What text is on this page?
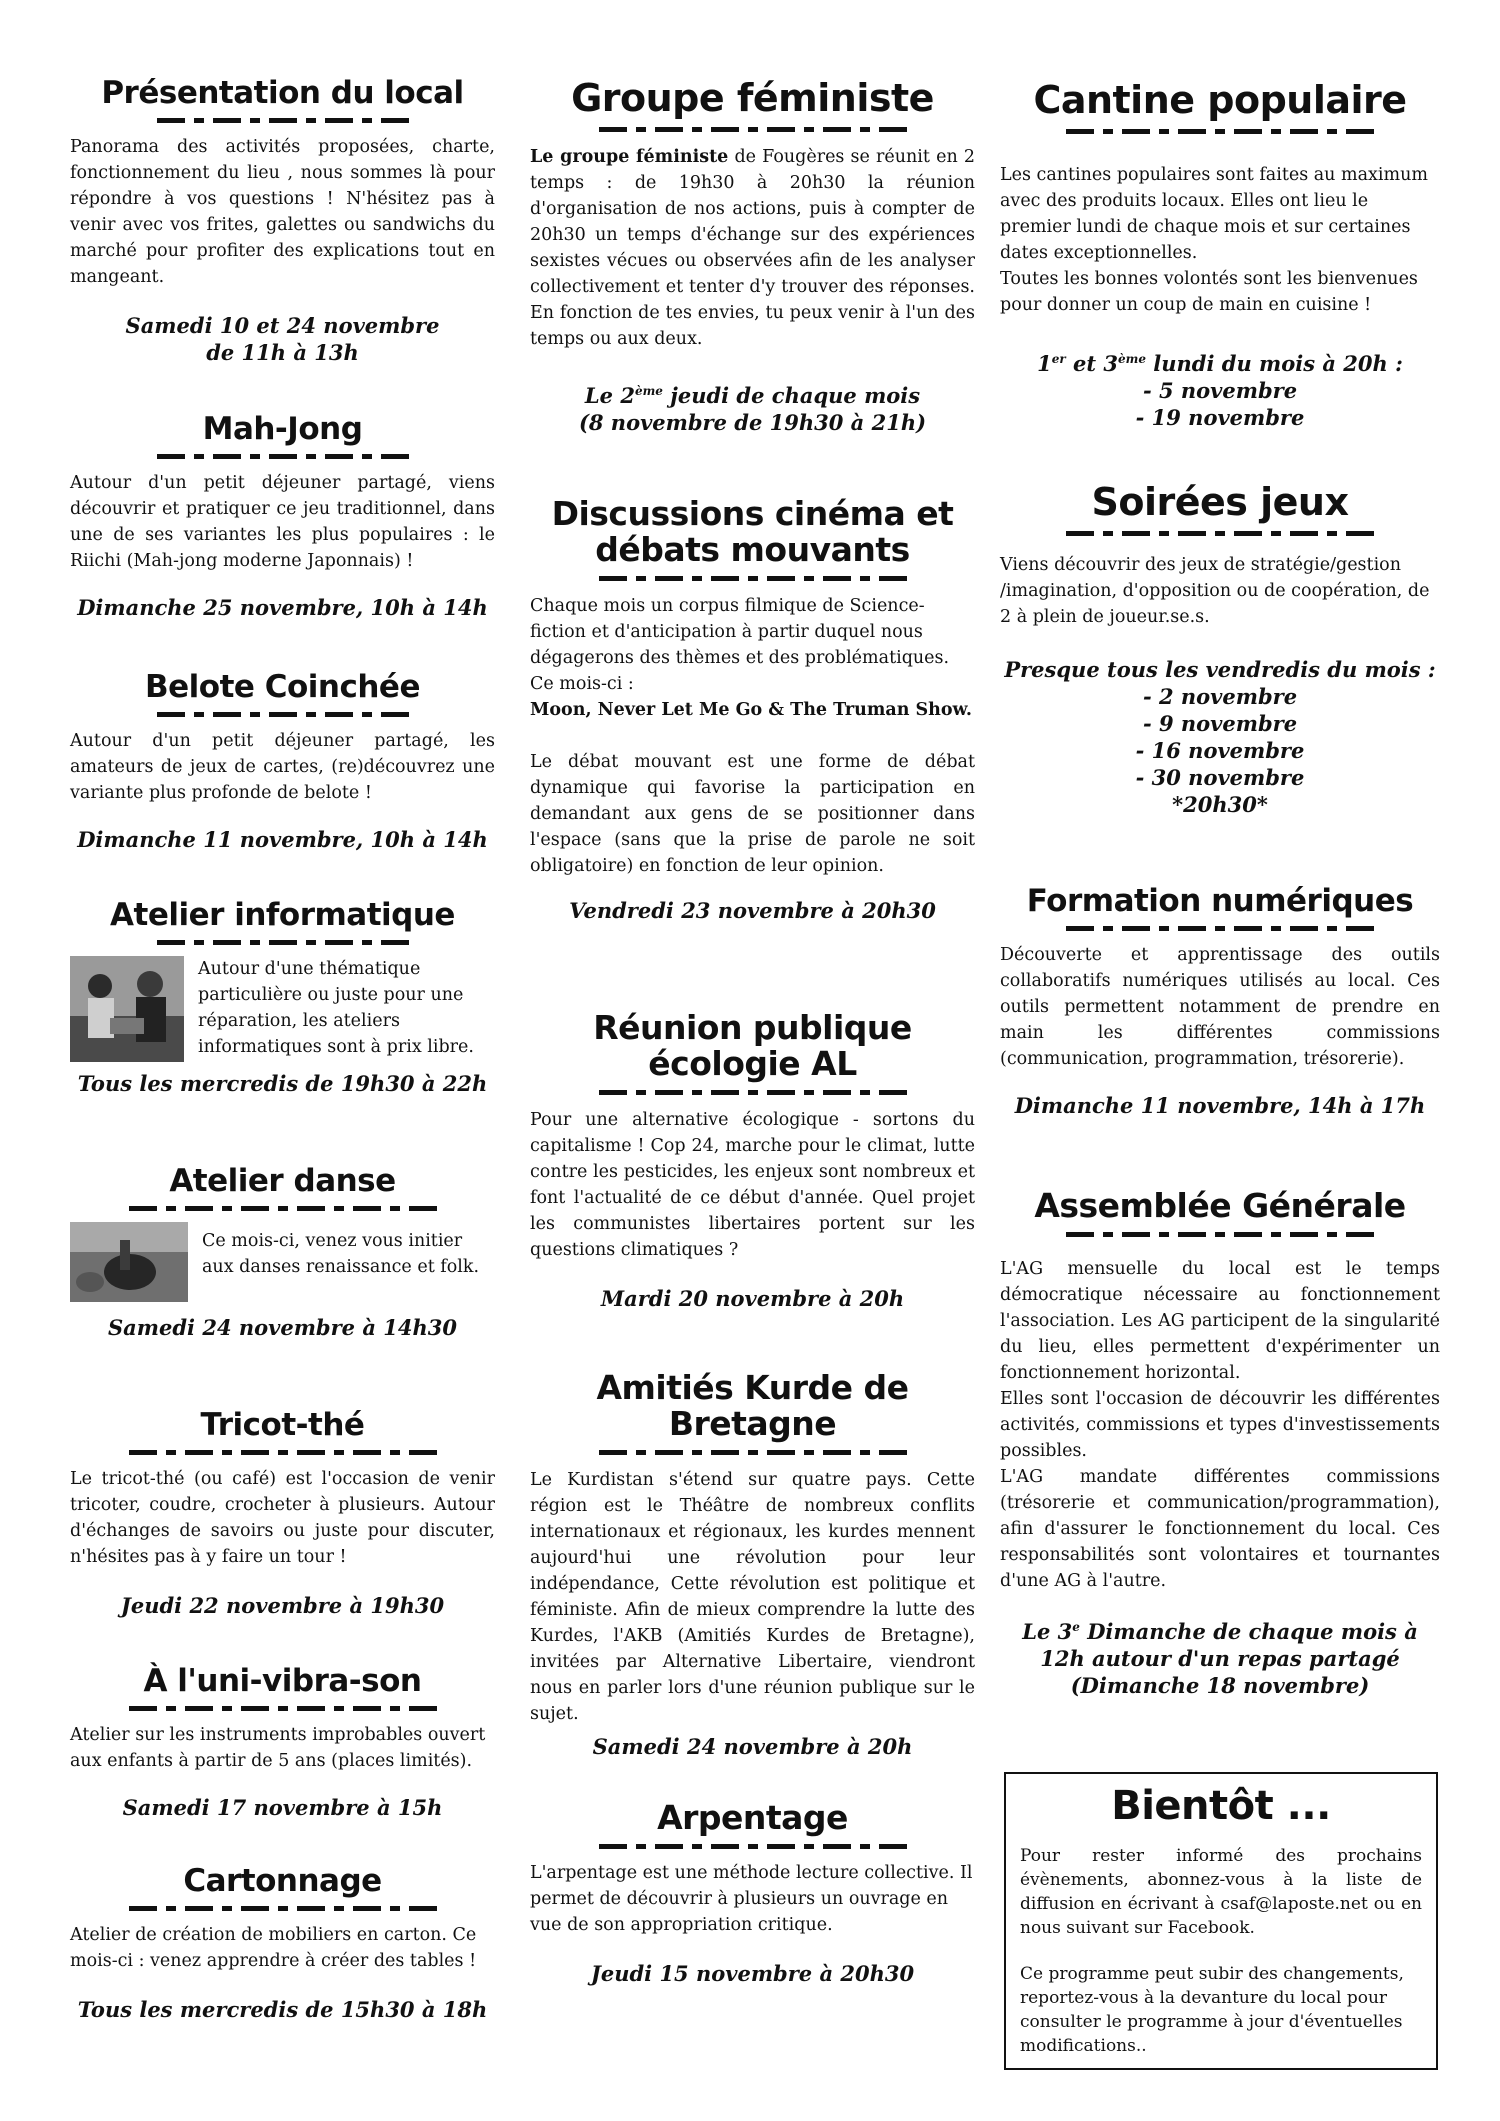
Présentation du local

Panorama des activités proposées, charte, fonctionnement du lieu , nous sommes là pour répondre à vos questions ! N'hésitez pas à venir avec vos frites, galettes ou sandwichs du marché pour profiter des explications tout en mangeant.

Samedi 10 et 24 novembre

de 11h à 13h

Mah-Jong

Autour d'un petit déjeuner partagé, viens découvrir et pratiquer ce jeu traditionnel, dans une de ses variantes les plus populaires : le Riichi (Mah-jong moderne Japonnais) !

Dimanche 25 novembre, 10h à 14h

Belote Coinchée

Autour d'un petit déjeuner partagé, les amateurs de jeux de cartes, (re)découvrez une variante plus profonde de belote !

Dimanche 11 novembre, 10h à 14h

Atelier informatique

Autour d'une thématique particulière ou juste pour une réparation, les ateliers informatiques sont à prix libre.

Tous les mercredis de 19h30 à 22h

Atelier danse

Ce mois-ci, venez vous initier aux danses renaissance et folk.

Samedi 24 novembre à 14h30

Tricot-thé

Le tricot-thé (ou café) est l'occasion de venir tricoter, coudre, crocheter à plusieurs. Autour d'échanges de savoirs ou juste pour discuter, n'hésites pas à y faire un tour !

Jeudi 22 novembre à 19h30

À l'uni-vibra-son

Atelier sur les instruments improbables ouvert aux enfants à partir de 5 ans (places limités).

Samedi 17 novembre à 15h

Cartonnage

Atelier de création de mobiliers en carton. Ce mois-ci : venez apprendre à créer des tables !

Tous les mercredis de 15h30 à 18h

Groupe féministe

Le groupe féministe de Fougères se réunit en 2 temps : de 19h30 à 20h30 la réunion d'organisation de nos actions, puis à compter de 20h30 un temps d'échange sur des expériences sexistes vécues ou observées afin de les analyser collectivement et tenter d'y trouver des réponses. En fonction de tes envies, tu peux venir à l'un des temps ou aux deux.

Le 2ème jeudi de chaque mois

(8 novembre de 19h30 à 21h)

Discussions cinéma et
débats mouvants

Chaque mois un corpus filmique de Science-fiction et d'anticipation à partir duquel nous dégagerons des thèmes et des problématiques. Ce mois-ci :

Moon, Never Let Me Go & The Truman Show.

Le débat mouvant est une forme de débat dynamique qui favorise la participation en demandant aux gens de se positionner dans l'espace (sans que la prise de parole ne soit obligatoire) en fonction de leur opinion.

Vendredi 23 novembre à 20h30

Réunion publique
écologie AL

Pour une alternative écologique - sortons du capitalisme ! Cop 24, marche pour le climat, lutte contre les pesticides, les enjeux sont nombreux et font l'actualité de ce début d'année. Quel projet les communistes libertaires portent sur les questions climatiques ?

Mardi 20 novembre à 20h

Amitiés Kurde de
Bretagne

Le Kurdistan s'étend sur quatre pays. Cette région est le Théâtre de nombreux conflits internationaux et régionaux, les kurdes mennent aujourd'hui une révolution pour leur indépendance, Cette révolution est politique et féministe. Afin de mieux comprendre la lutte des Kurdes, l'AKB (Amitiés Kurdes de Bretagne), invitées par Alternative Libertaire, viendront nous en parler lors d'une réunion publique sur le sujet.

Samedi 24 novembre à 20h

Arpentage

L'arpentage est une méthode lecture collective. Il permet de découvrir à plusieurs un ouvrage en vue de son appropriation critique.

Jeudi 15 novembre à 20h30

Cantine populaire

Les cantines populaires sont faites au maximum avec des produits locaux. Elles ont lieu le premier lundi de chaque mois et sur certaines dates exceptionnelles.

Toutes les bonnes volontés sont les bienvenues pour donner un coup de main en cuisine !

1er et 3ème lundi du mois à 20h :

- 5 novembre

- 19 novembre

Soirées jeux

Viens découvrir des jeux de stratégie/gestion /imagination, d'opposition ou de coopération, de 2 à plein de joueur.se.s.

Presque tous les vendredis du mois :

- 2 novembre

- 9 novembre

- 16 novembre

- 30 novembre

*20h30*

Formation numériques

Découverte et apprentissage des outils collaboratifs numériques utilisés au local. Ces outils permettent notamment de prendre en main les différentes commissions (communication, programmation, trésorerie).

Dimanche 11 novembre, 14h à 17h

Assemblée Générale

L'AG mensuelle du local est le temps démocratique nécessaire au fonctionnement l'association. Les AG participent de la singularité du lieu, elles permettent d'expérimenter un fonctionnement horizontal.

Elles sont l'occasion de découvrir les différentes activités, commissions et types d'investissements possibles.

L'AG mandate différentes commissions (trésorerie et communication/programmation), afin d'assurer le fonctionnement du local. Ces responsabilités sont volontaires et tournantes d'une AG à l'autre.

Le 3e Dimanche de chaque mois à

12h autour d'un repas partagé

(Dimanche 18 novembre)

Bientôt ...

Pour rester informé des prochains évènements, abonnez-vous à la liste de diffusion en écrivant à csaf@laposte.net ou en nous suivant sur Facebook.

Ce programme peut subir des changements, reportez-vous à la devanture du local pour consulter le programme à jour d'éventuelles modifications..
